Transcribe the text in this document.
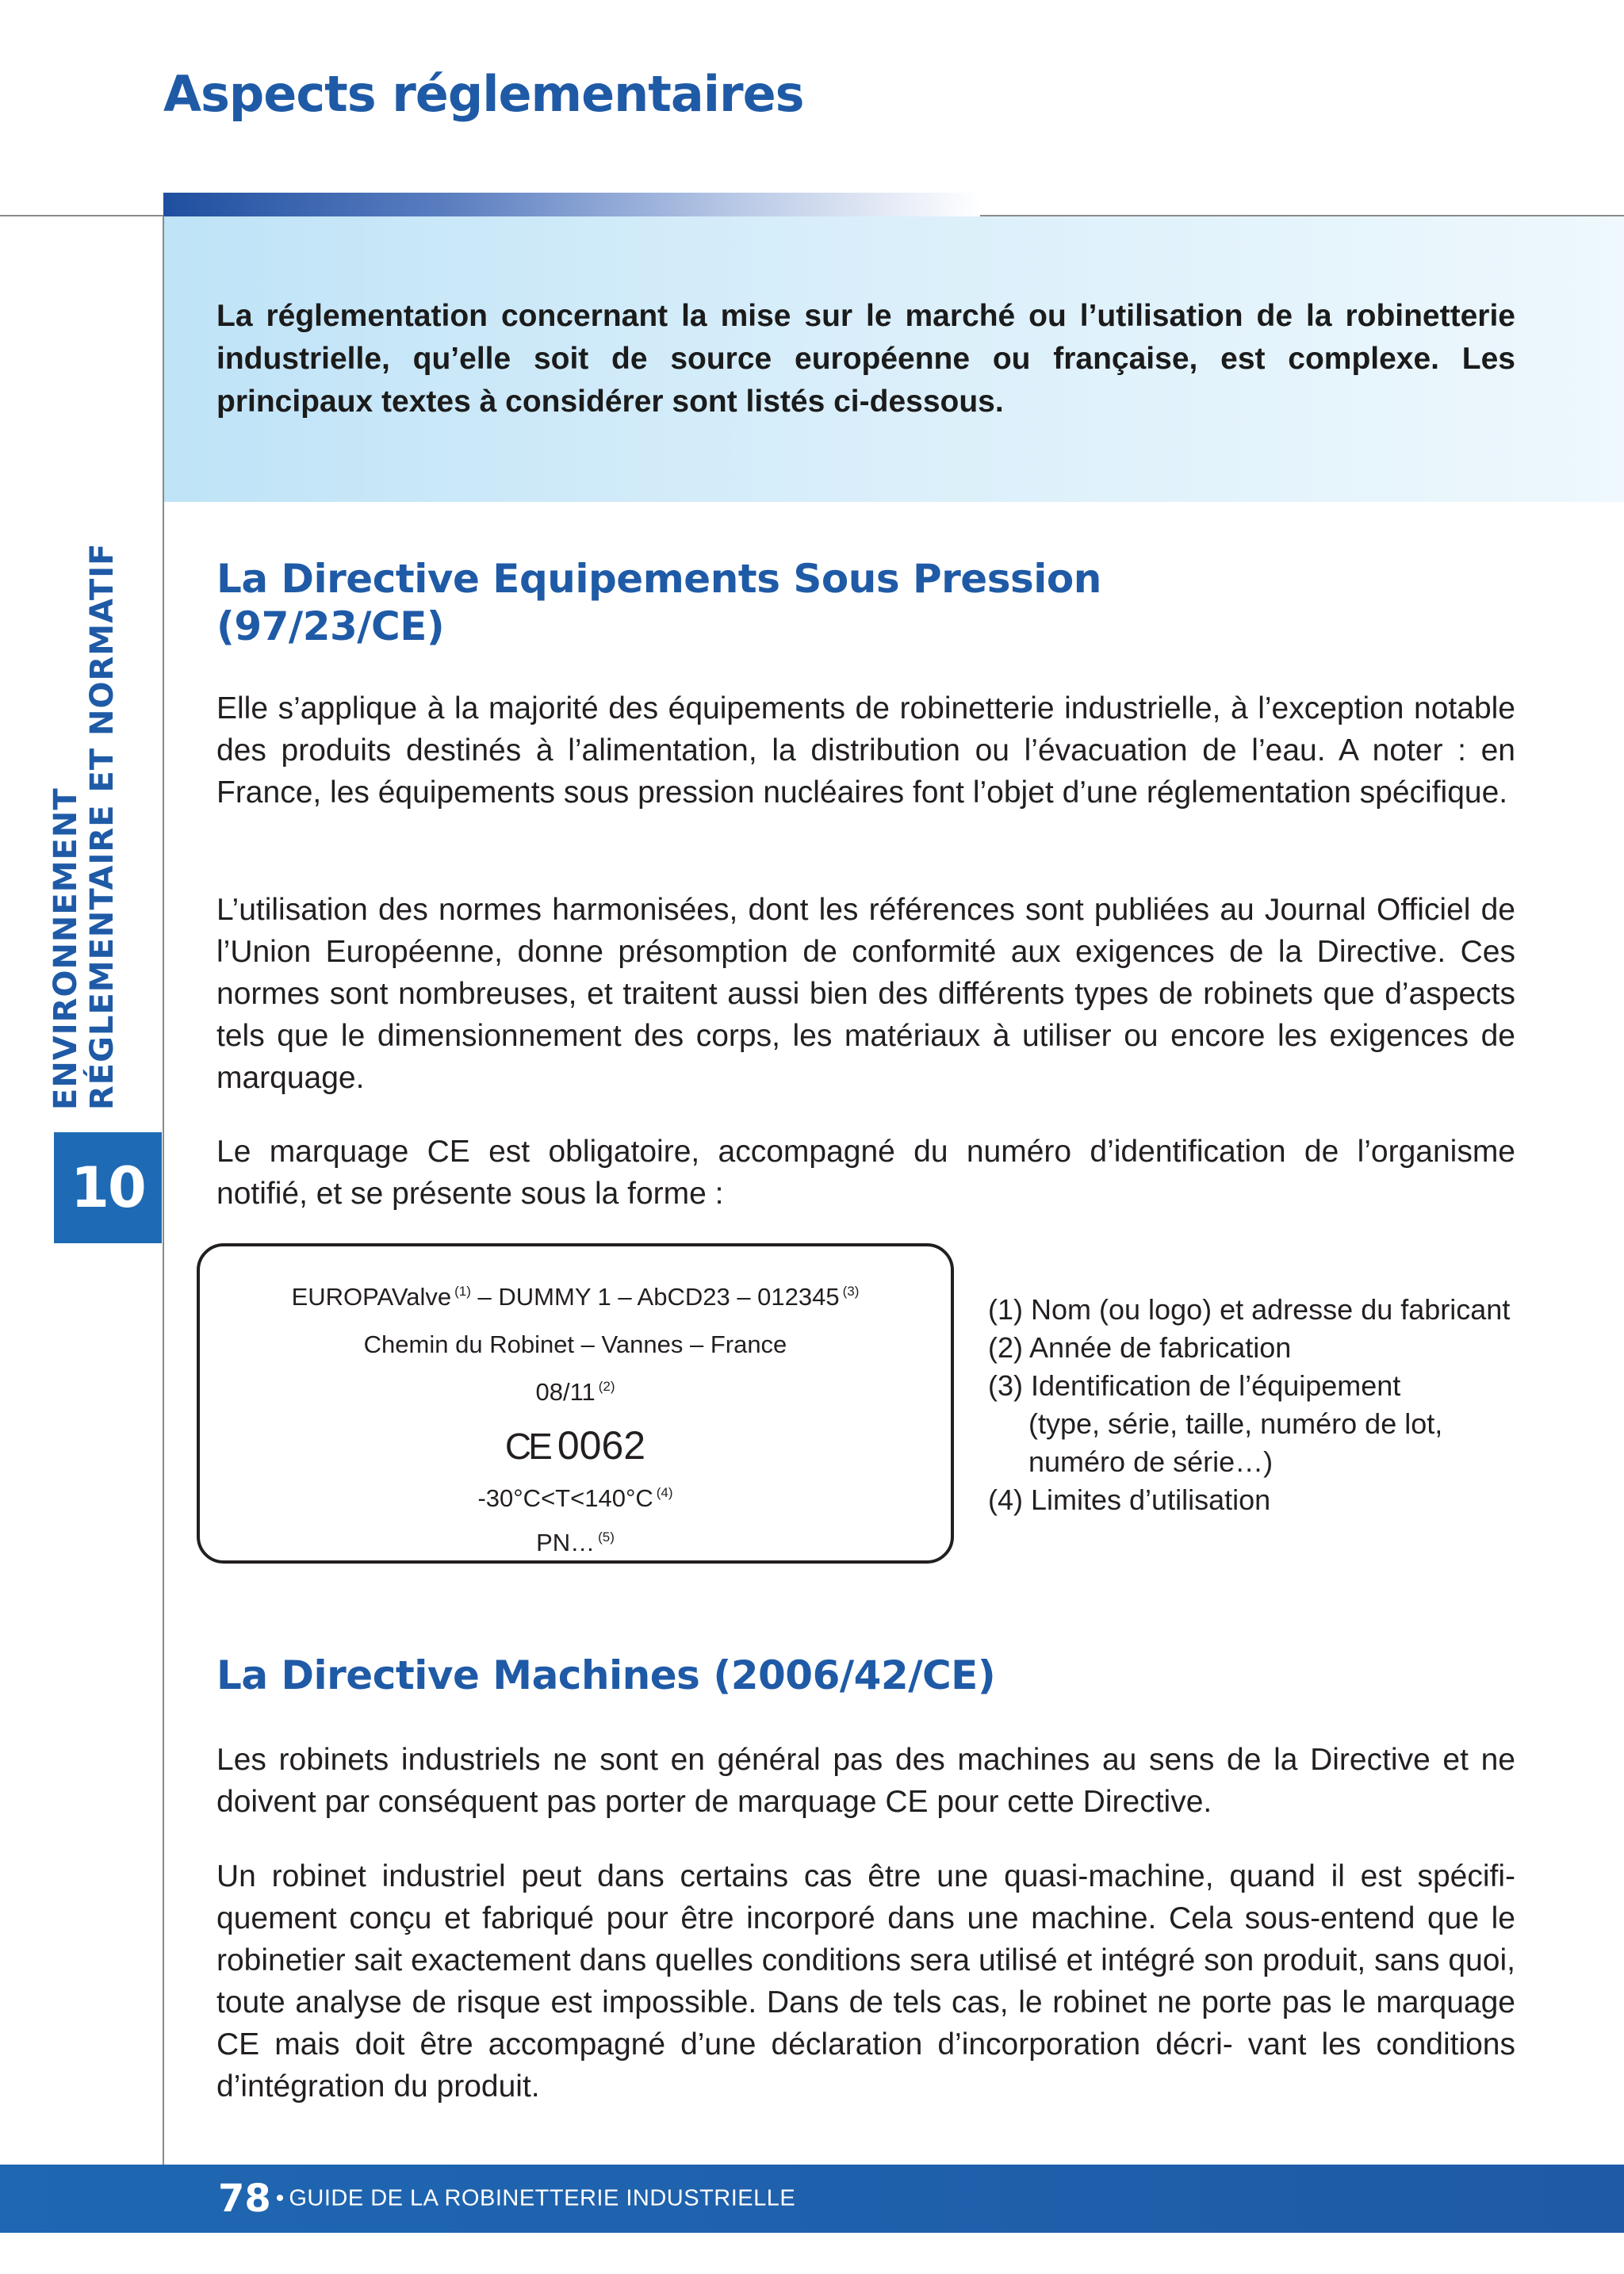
Aspects réglementaires

La réglementation concernant la mise sur le marché ou l’utilisation de la robinetterie industrielle, qu’elle soit de source européenne ou française, est complexe. Les principaux textes à considérer sont listés ci-dessous.

ENVIRONNEMENT RÉGLEMENTAIRE ET NORMATIF
10
La Directive Equipements Sous Pression
(97/23/CE)

Elle s’applique à la majorité des équipements de robinetterie industrielle, à l’exception notable des produits destinés à l’alimentation, la distribution ou l’évacuation de l’eau. A noter : en France, les équipements sous pression nucléaires font l’objet d’une réglementation spécifique.

L’utilisation des normes harmonisées, dont les références sont publiées au Journal Officiel de l’Union Européenne, donne présomption de conformité aux exigences de la Directive. Ces normes sont nombreuses, et traitent aussi bien des différents types de robinets que d’aspects tels que le dimensionnement des corps, les matériaux à utiliser ou encore les exigences de marquage.

Le marquage CE est obligatoire, accompagné du numéro d’identification de l’organisme notifié, et se présente sous la forme :

EUROPAValve $^{(1)}$ – DUMMY 1 – AbCD23 – 012345 $^{(3)}$
Chemin du Robinet – Vannes – France
08/11 $^{(2)}$
CE 0062
-30°C<T<140°C $^{(4)}$
PN… $^{(5)}$
(1) Nom (ou logo) et adresse du fabricant
(2) Année de fabrication
(3) Identification de l’équipement
(type, série, taille, numéro de lot,
numéro de série…)
(4) Limites d’utilisation
La Directive Machines (2006/42/CE)

Les robinets industriels ne sont en général pas des machines au sens de la Directive et ne doivent par conséquent pas porter de marquage CE pour cette Directive.

Un robinet industriel peut dans certains cas être une quasi-machine, quand il est spécifi- quement conçu et fabriqué pour être incorporé dans une machine. Cela sous-entend que le robinetier sait exactement dans quelles conditions sera utilisé et intégré son produit, sans quoi, toute analyse de risque est impossible. Dans de tels cas, le robinet ne porte pas le marquage CE mais doit être accompagné d’une déclaration d’incorporation décri- vant les conditions d’intégration du produit.

78 • GUIDE DE LA ROBINETTERIE INDUSTRIELLE
